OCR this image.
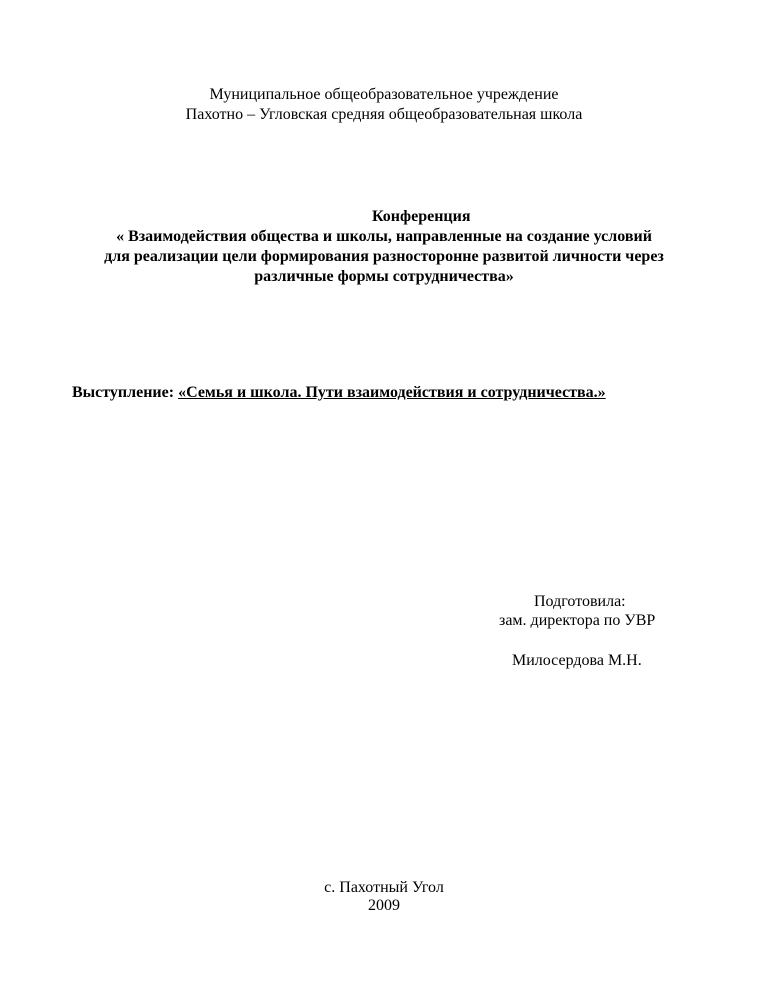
Муниципальное общеобразовательное учреждение
Пахотно – Угловская средняя общеобразовательная школа
Конференция
« Взаимодействия общества и школы, направленные на создание условий
для реализации цели формирования разносторонне развитой личности через
различные формы сотрудничества»
Выступление: «Семья и школа. Пути взаимодействия и сотрудничества.»
Подготовила:
зам. директора по УВР
Милосердова М.Н.
с. Пахотный Угол
2009
